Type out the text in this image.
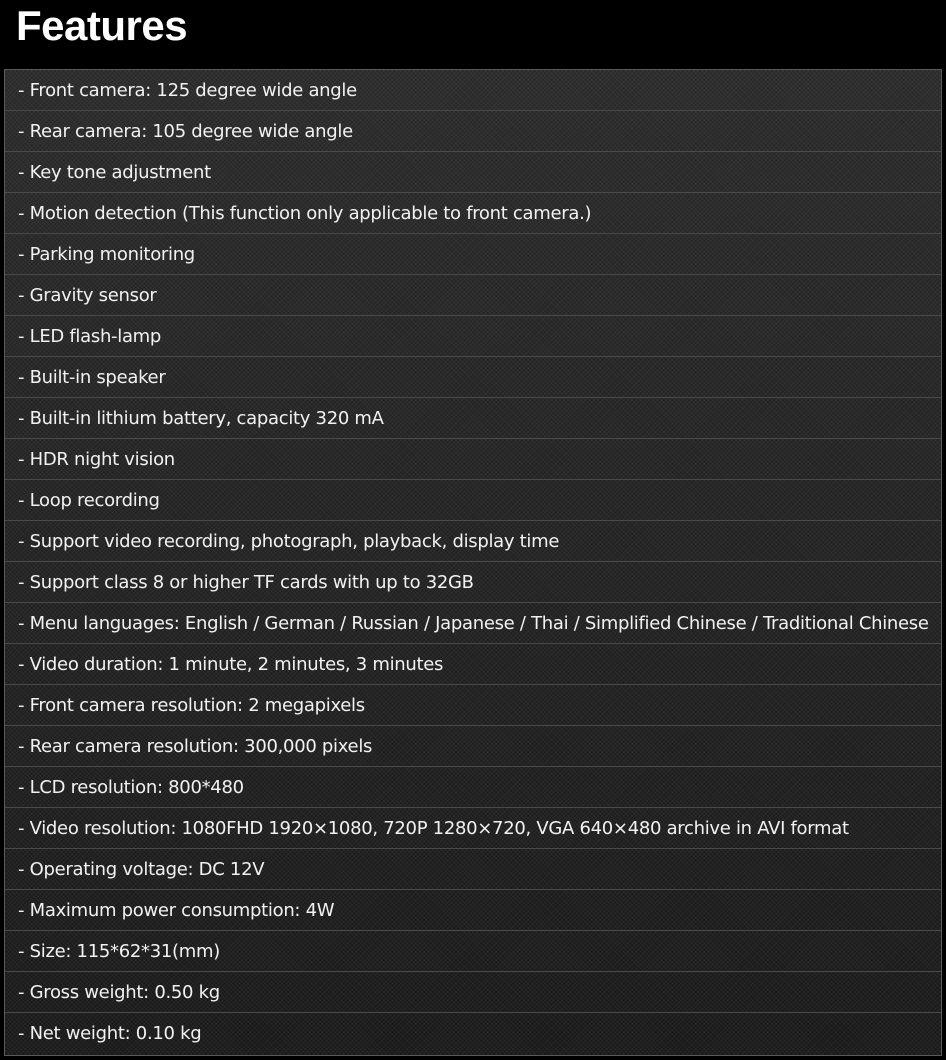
Features
- Front camera: 125 degree wide angle
- Rear camera: 105 degree wide angle
- Key tone adjustment
- Motion detection (This function only applicable to front camera.)
- Parking monitoring
- Gravity sensor
- LED flash-lamp
- Built-in speaker
- Built-in lithium battery, capacity 320 mA
- HDR night vision
- Loop recording
- Support video recording, photograph, playback, display time
- Support class 8 or higher TF cards with up to 32GB
- Menu languages: English / German / Russian / Japanese / Thai / Simplified Chinese / Traditional Chinese
- Video duration: 1 minute, 2 minutes, 3 minutes
- Front camera resolution: 2 megapixels
- Rear camera resolution: 300,000 pixels
- LCD resolution: 800*480
- Video resolution: 1080FHD 1920×1080, 720P 1280×720, VGA 640×480 archive in AVI format
- Operating voltage: DC 12V
- Maximum power consumption: 4W
- Size: 115*62*31(mm)
- Gross weight: 0.50 kg
- Net weight: 0.10 kg
